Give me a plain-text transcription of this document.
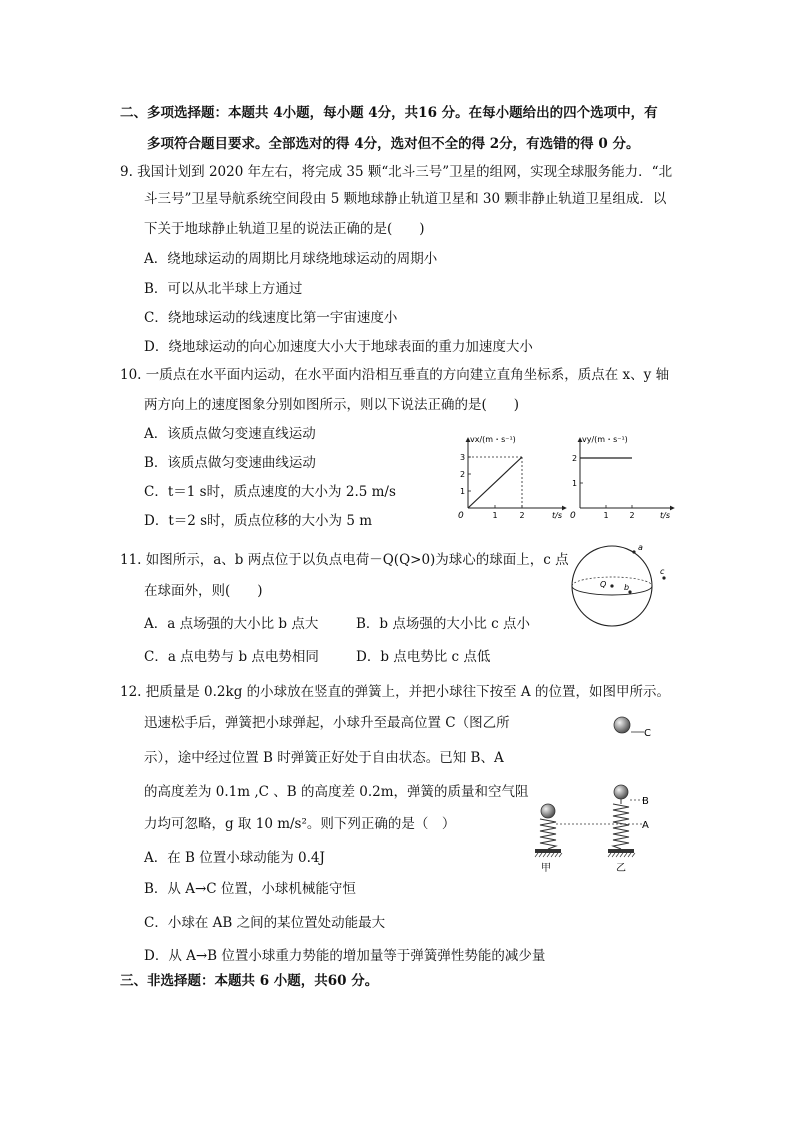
二、多项选择题：本题共 4小题，每小题 4分，共16 分。在每小题给出的四个选项中，有
多项符合题目要求。全部选对的得 4分，选对但不全的得 2分，有选错的得 0 分。
9. 我国计划到 2020 年左右，将完成 35 颗“北斗三号”卫星的组网，实现全球服务能力．“北
斗三号”卫星导航系统空间段由 5 颗地球静止轨道卫星和 30 颗非静止轨道卫星组成．以
下关于地球静止轨道卫星的说法正确的是(　　)
A．绕地球运动的周期比月球绕地球运动的周期小
B．可以从北半球上方通过
C．绕地球运动的线速度比第一宇宙速度小
D．绕地球运动的向心加速度大小大于地球表面的重力加速度大小
10. 一质点在水平面内运动，在水平面内沿相互垂直的方向建立直角坐标系，质点在 x、y 轴
两方向上的速度图象分别如图所示，则以下说法正确的是(　　)
A．该质点做匀变速直线运动
B．该质点做匀变速曲线运动
C．t＝1 s时，质点速度的大小为 2.5 m/s
D．t＝2 s时，质点位移的大小为 5 m
vx/(m・s⁻¹)
t/s
0
1
2
3
1	2
vy/(m・s⁻¹)
t/s
0
1
2
1	2
11. 如图所示，a、b 两点位于以负点电荷－Q(Q>0)为球心的球面上，c 点
在球面外，则(　　)
A．a 点场强的大小比 b 点大	B．b 点场强的大小比 c 点小
C．a 点电势与 b 点电势相同	D．b 点电势比 c 点低
Q
a
b
c
12. 把质量是 0.2kg 的小球放在竖直的弹簧上，并把小球往下按至 A 的位置，如图甲所示。
迅速松手后，弹簧把小球弹起，小球升至最高位置 C（图乙所
示），途中经过位置 B 时弹簧正好处于自由状态。已知 B、A
的高度差为 0.1m ,C 、B 的高度差 0.2m，弹簧的质量和空气阻
力均可忽略，g 取 10 m/s²。则下列正确的是（　）
A．在 B 位置小球动能为 0.4J
B．从 A→C 位置，小球机械能守恒
C．小球在 AB 之间的某位置处动能最大
D．从 A→B 位置小球重力势能的增加量等于弹簧弹性势能的减少量
C
B
A
甲	乙
三、非选择题：本题共 6 小题，共60 分。
